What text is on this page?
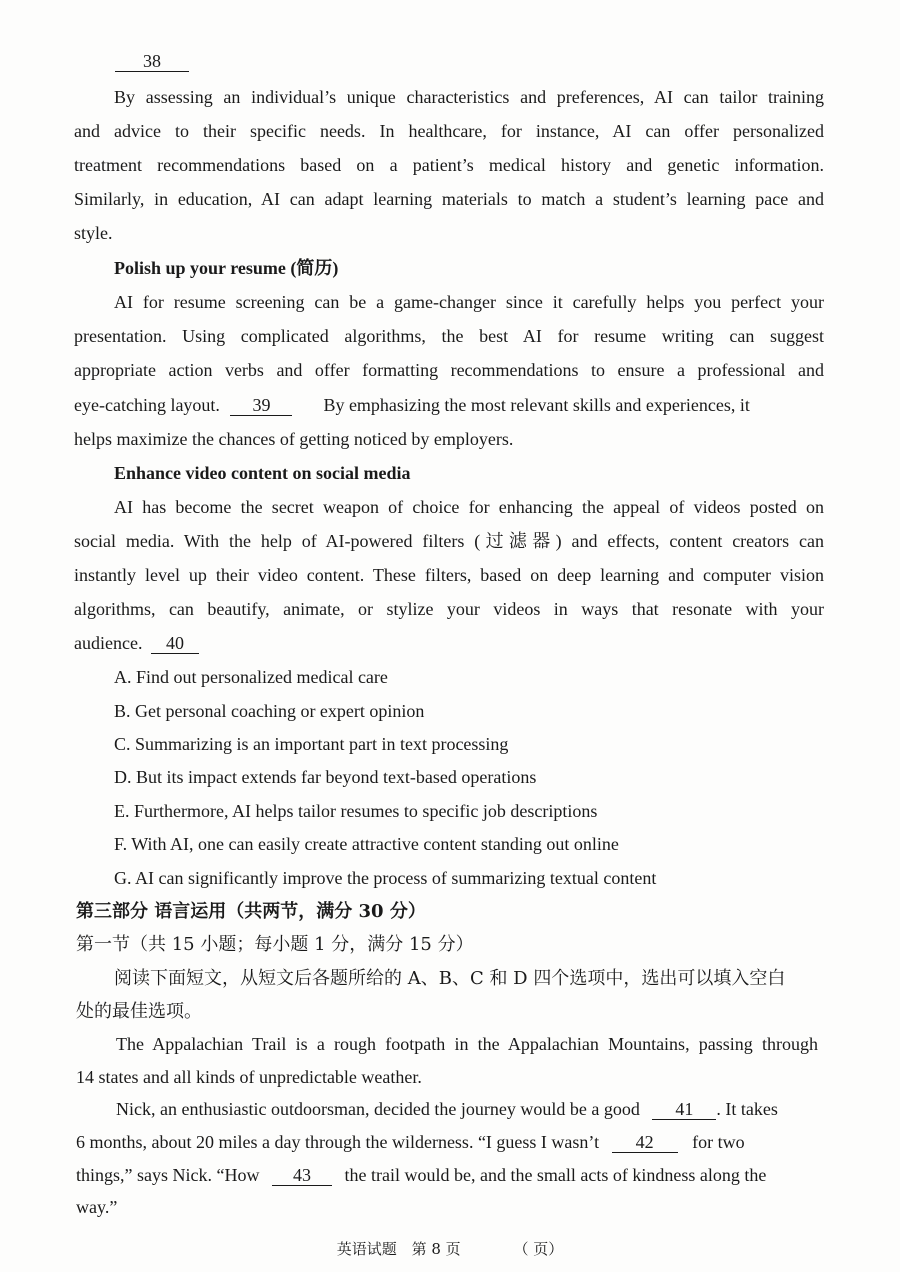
38
By assessing an individual’s unique characteristics and preferences, AI can tailor training
and advice to their specific needs. In healthcare, for instance, AI can offer personalized
treatment recommendations based on a patient’s medical history and genetic information.
Similarly, in education, AI can adapt learning materials to match a student’s learning pace and
style.
Polish up your resume (简历)
AI for resume screening can be a game-changer since it carefully helps you perfect your
presentation. Using complicated algorithms, the best AI for resume writing can suggest
appropriate action verbs and offer formatting recommendations to ensure a professional and
eye-catching layout. 39	By emphasizing the most relevant skills and experiences, it
helps maximize the chances of getting noticed by employers.
Enhance video content on social media
AI has become the secret weapon of choice for enhancing the appeal of videos posted on
social media. With the help of AI-powered filters (过滤器) and effects, content creators can
instantly level up their video content. These filters, based on deep learning and computer vision
algorithms, can beautify, animate, or stylize your videos in ways that resonate with your
audience. 40
A. Find out personalized medical care
B. Get personal coaching or expert opinion
C. Summarizing is an important part in text processing
D. But its impact extends far beyond text-based operations
E. Furthermore, AI helps tailor resumes to specific job descriptions
F. With AI, one can easily create attractive content standing out online
G. AI can significantly improve the process of summarizing textual content
第三部分 语言运用（共两节，满分 30 分）
第一节（共 15 小题；每小题 1 分，满分 15 分）
阅读下面短文，从短文后各题所给的 A、B、C 和 D 四个选项中，选出可以填入空白
处的最佳选项。
The Appalachian Trail is a rough footpath in the Appalachian Mountains, passing through
14 states and all kinds of unpredictable weather.
Nick, an enthusiastic outdoorsman, decided the journey would be a good 41 . It takes
6 months, about 20 miles a day through the wilderness. “I guess I wasn’t 42 for two
things,” says Nick. “How 43 the trail would be, and the small acts of kindness along the
way.”
英语试题 第 8 页	（ 页）
